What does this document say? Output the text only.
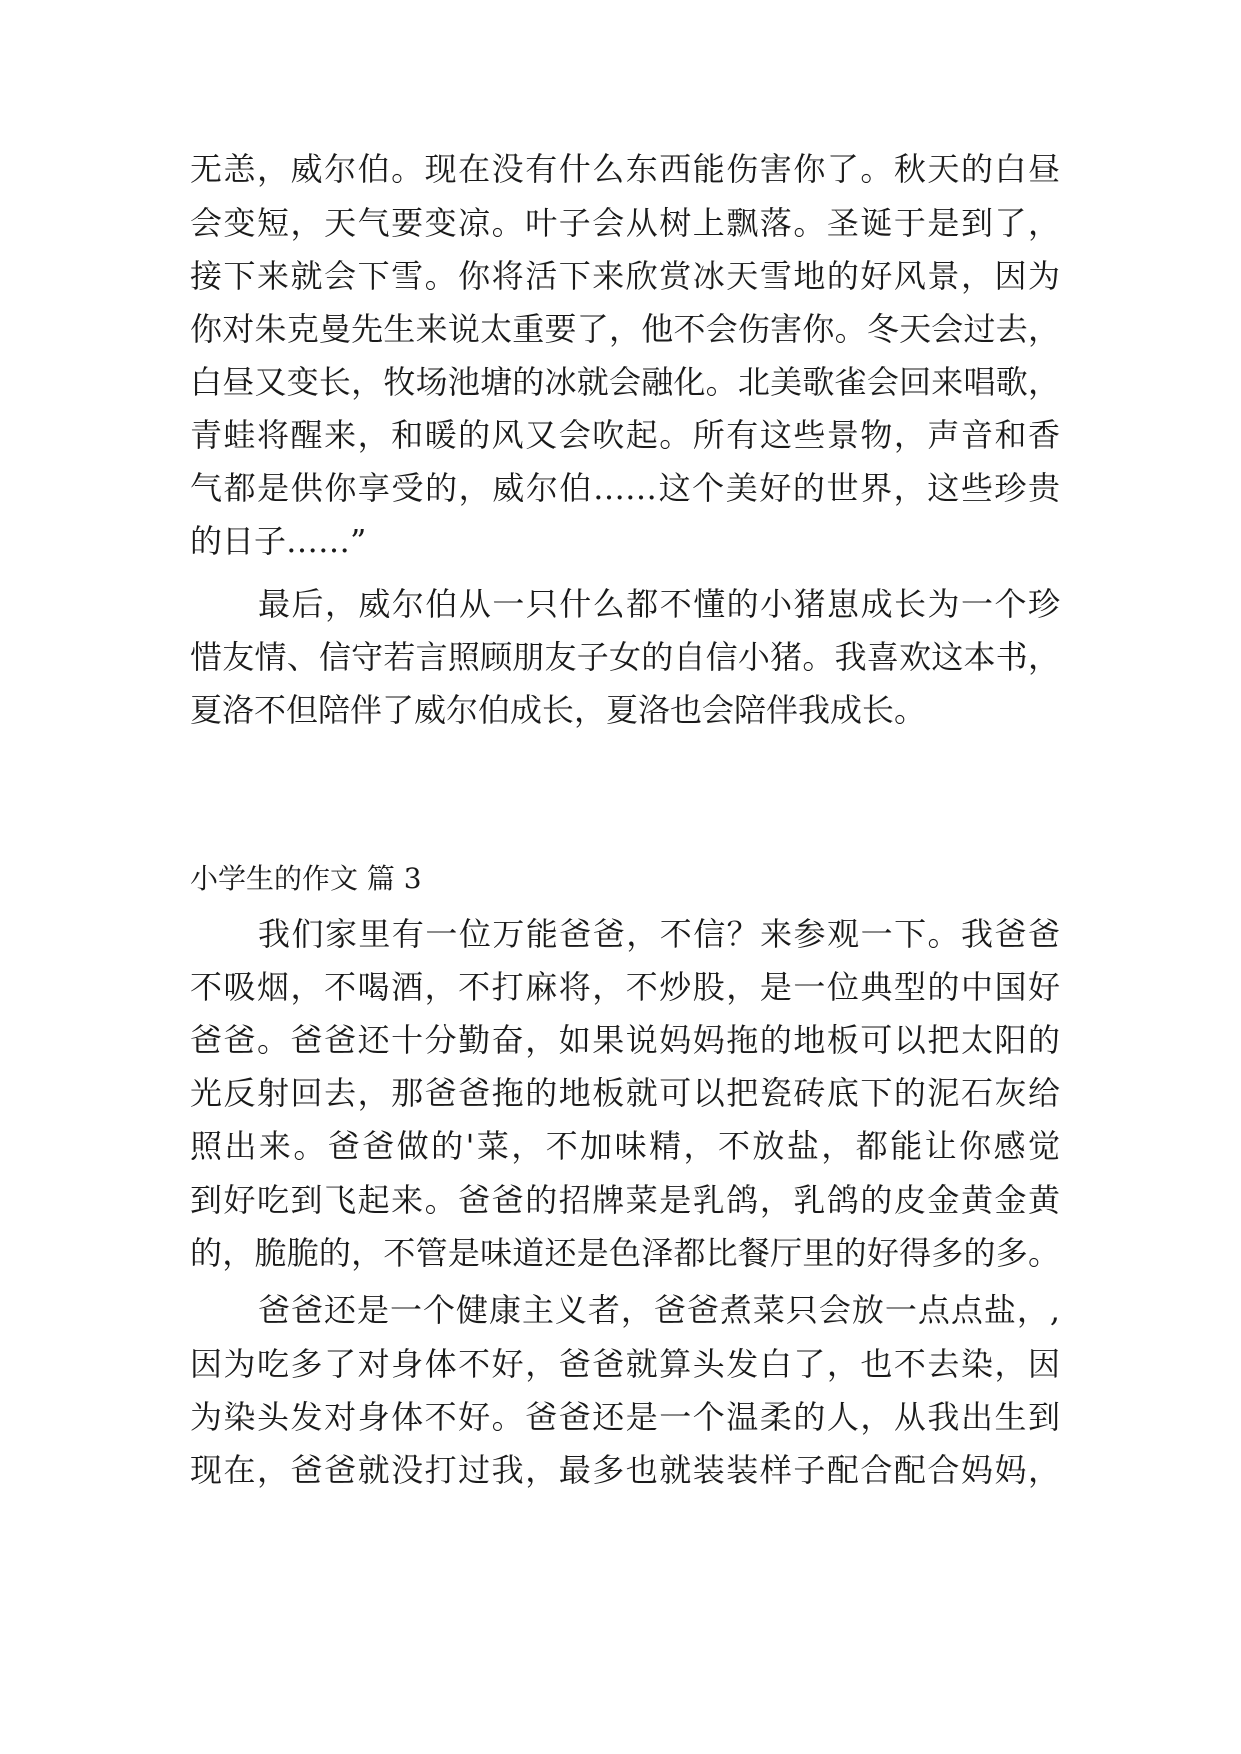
无恙，威尔伯。现在没有什么东西能伤害你了。秋天的白昼
会变短，天气要变凉。叶子会从树上飘落。圣诞于是到了，
接下来就会下雪。你将活下来欣赏冰天雪地的好风景，因为
你对朱克曼先生来说太重要了，他不会伤害你。冬天会过去，
白昼又变长，牧场池塘的冰就会融化。北美歌雀会回来唱歌，
青蛙将醒来，和暖的风又会吹起。所有这些景物，声音和香
气都是供你享受的，威尔伯……这个美好的世界，这些珍贵
的日子……”
最后，威尔伯从一只什么都不懂的小猪崽成长为一个珍
惜友情、信守若言照顾朋友子女的自信小猪。我喜欢这本书，
夏洛不但陪伴了威尔伯成长，夏洛也会陪伴我成长。
小学生的作文 篇 3
我们家里有一位万能爸爸，不信？来参观一下。我爸爸
不吸烟，不喝酒，不打麻将，不炒股，是一位典型的中国好
爸爸。爸爸还十分勤奋，如果说妈妈拖的地板可以把太阳的
光反射回去，那爸爸拖的地板就可以把瓷砖底下的泥石灰给
照出来。爸爸做的'菜，不加味精，不放盐，都能让你感觉
到好吃到飞起来。爸爸的招牌菜是乳鸽，乳鸽的皮金黄金黄
的，脆脆的，不管是味道还是色泽都比餐厅里的好得多的多。
爸爸还是一个健康主义者，爸爸煮菜只会放一点点盐，,
因为吃多了对身体不好，爸爸就算头发白了，也不去染，因
为染头发对身体不好。爸爸还是一个温柔的人，从我出生到
现在，爸爸就没打过我，最多也就装装样子配合配合妈妈，
